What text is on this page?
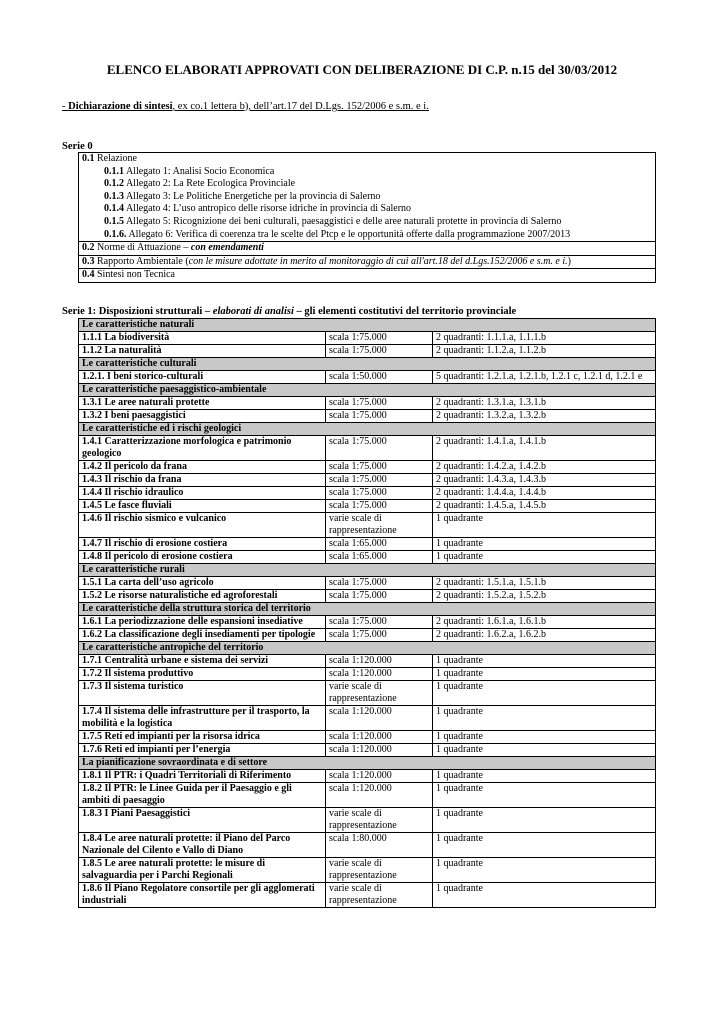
ELENCO ELABORATI APPROVATI CON DELIBERAZIONE DI C.P. n.15 del 30/03/2012
- Dichiarazione di sintesi, ex co.1 lettera b), dell’art.17 del D.Lgs. 152/2006 e s.m. e i.
Serie 0
0.1 Relazione
0.1.1 Allegato 1: Analisi Socio Economica
0.1.2 Allegato 2: La Rete Ecologica Provinciale
0.1.3 Allegato 3: Le Politiche Energetiche per la provincia di Salerno
0.1.4 Allegato 4: L’uso antropico delle risorse idriche in provincia di Salerno
0.1.5 Allegato 5: Ricognizione dei beni culturali, paesaggistici e delle aree naturali protette in provincia di Salerno
0.1.6. Allegato 6: Verifica di coerenza tra le scelte del Ptcp e le opportunità offerte dalla programmazione 2007/2013

0.2 Norme di Attuazione – con emendamenti
0.3 Rapporto Ambientale (con le misure adottate in merito al monitoraggio di cui all'art.18 del d.Lgs.152/2006 e s.m. e i.)
0.4 Sintesi non Tecnica
Serie 1: Disposizioni strutturali – elaborati di analisi – gli elementi costitutivi del territorio provinciale
Le caratteristiche naturali		
1.1.1 La biodiversità	scala 1:75.000	2 quadranti: 1.1.1.a, 1.1.1.b
1.1.2 La naturalità	scala 1:75.000	2 quadranti: 1.1.2.a, 1.1.2.b
Le caratteristiche culturali		
1.2.1. I beni storico-culturali	scala 1:50.000	5 quadranti: 1.2.1.a, 1.2.1.b, 1.2.1 c, 1.2.1 d, 1.2.1 e
Le caratteristiche paesaggistico-ambientale		
1.3.1 Le aree naturali protette	scala 1:75.000	2 quadranti: 1.3.1.a, 1.3.1.b
1.3.2 I beni paesaggistici	scala 1:75.000	2 quadranti: 1.3.2.a, 1.3.2.b
Le caratteristiche ed i rischi geologici		
1.4.1 Caratterizzazione morfologica e patrimonio geologico	scala 1:75.000	2 quadranti: 1.4.1.a, 1.4.1.b
1.4.2 Il pericolo da frana	scala 1:75.000	2 quadranti: 1.4.2.a, 1.4.2.b
1.4.3 Il rischio da frana	scala 1:75.000	2 quadranti: 1.4.3.a, 1.4.3.b
1.4.4 Il rischio idraulico	scala 1:75.000	2 quadranti: 1.4.4.a, 1.4.4.b
1.4.5 Le fasce fluviali	scala 1:75.000	2 quadranti: 1.4.5.a, 1.4.5.b
1.4.6 Il rischio sismico e vulcanico	varie scale di rappresentazione	1 quadrante
1.4.7 Il rischio di erosione costiera	scala 1:65.000	1 quadrante
1.4.8 Il pericolo di erosione costiera	scala 1:65.000	1 quadrante
Le caratteristiche rurali		
1.5.1 La carta dell’uso agricolo	scala 1:75.000	2 quadranti: 1.5.1.a, 1.5.1.b
1.5.2 Le risorse naturalistiche ed agroforestali	scala 1:75.000	2 quadranti: 1.5.2.a, 1.5.2.b
Le caratteristiche della struttura storica del territorio		
1.6.1 La periodizzazione delle espansioni insediative	scala 1:75.000	2 quadranti: 1.6.1.a, 1.6.1.b
1.6.2 La classificazione degli insediamenti per tipologie	scala 1:75.000	2 quadranti: 1.6.2.a, 1.6.2.b
Le caratteristiche antropiche del territorio		
1.7.1 Centralità urbane e sistema dei servizi	scala 1:120.000	1 quadrante
1.7.2 Il sistema produttivo	scala 1:120.000	1 quadrante
1.7.3 Il sistema turistico	varie scale di rappresentazione	1 quadrante
1.7.4 Il sistema delle infrastrutture per il trasporto, la mobilità e la logistica	scala 1:120.000	1 quadrante
1.7.5 Reti ed impianti per la risorsa idrica	scala 1:120.000	1 quadrante
1.7.6 Reti ed impianti per l’energia	scala 1:120.000	1 quadrante
La pianificazione sovraordinata e di settore		
1.8.1 Il PTR: i Quadri Territoriali di Riferimento	scala 1:120.000	1 quadrante
1.8.2 Il PTR: le Linee Guida per il Paesaggio e gli ambiti di paesaggio	scala 1:120.000	1 quadrante
1.8.3 I Piani Paesaggistici	varie scale di rappresentazione	1 quadrante
1.8.4 Le aree naturali protette: il Piano del Parco Nazionale del Cilento e Vallo di Diano	scala 1:80.000	1 quadrante
1.8.5 Le aree naturali protette: le misure di salvaguardia per i Parchi Regionali	varie scale di rappresentazione	1 quadrante
1.8.6 Il Piano Regolatore consortile per gli agglomerati industriali	varie scale di rappresentazione	1 quadrante
